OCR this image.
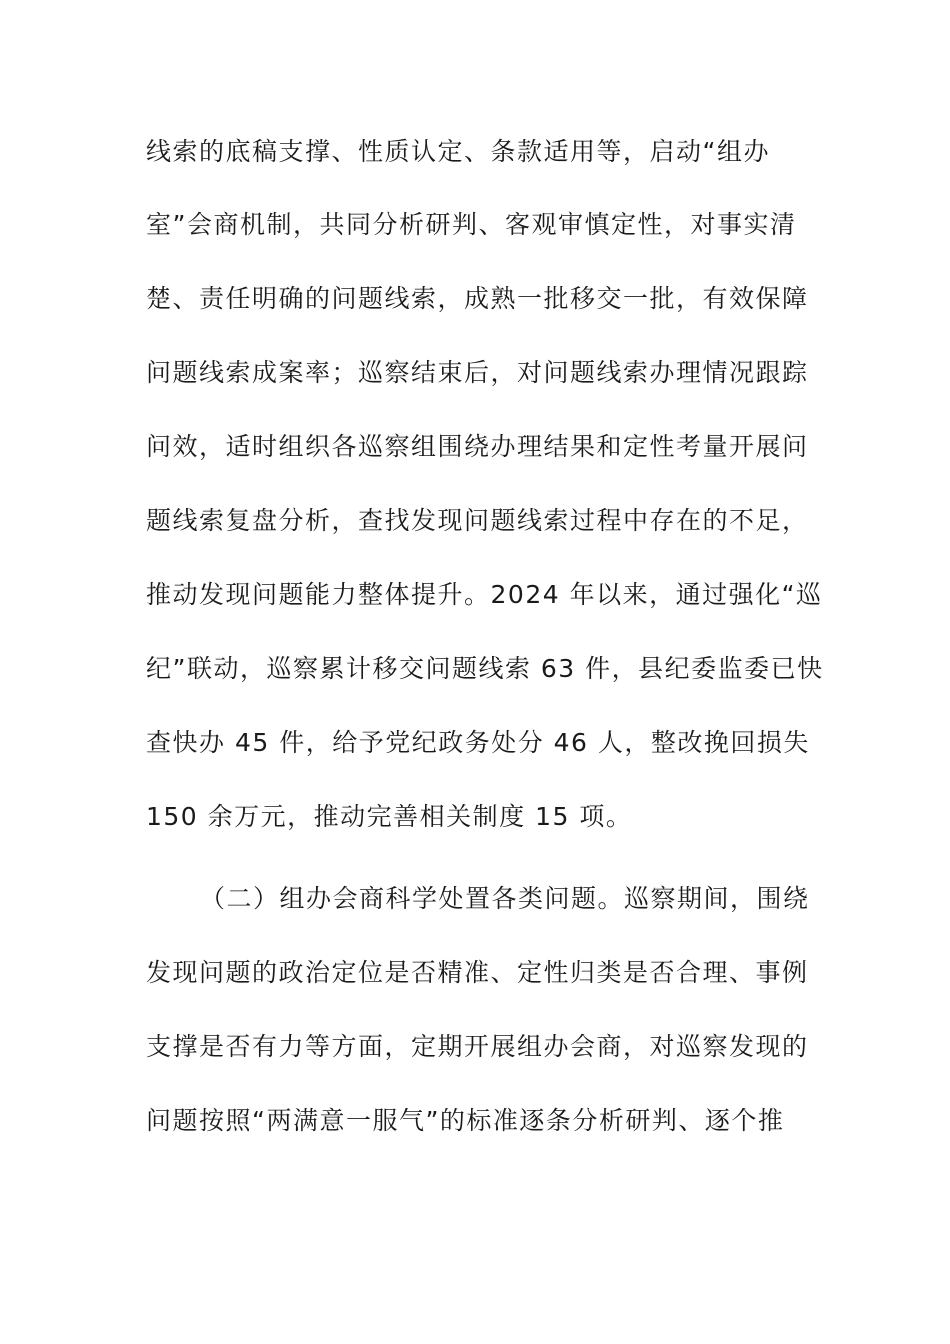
线索的底稿支撑、性质认定、条款适用等，启动“组办
室”会商机制，共同分析研判、客观审慎定性，对事实清
楚、责任明确的问题线索，成熟一批移交一批，有效保障
问题线索成案率；巡察结束后，对问题线索办理情况跟踪
问效，适时组织各巡察组围绕办理结果和定性考量开展问
题线索复盘分析，查找发现问题线索过程中存在的不足，
推动发现问题能力整体提升。2024 年以来，通过强化“巡
纪”联动，巡察累计移交问题线索 63 件，县纪委监委已快
查快办 45 件，给予党纪政务处分 46 人，整改挽回损失
150 余万元，推动完善相关制度 15 项。
（二）组办会商科学处置各类问题。巡察期间，围绕
发现问题的政治定位是否精准、定性归类是否合理、事例
支撑是否有力等方面，定期开展组办会商，对巡察发现的
问题按照“两满意一服气”的标准逐条分析研判、逐个推
